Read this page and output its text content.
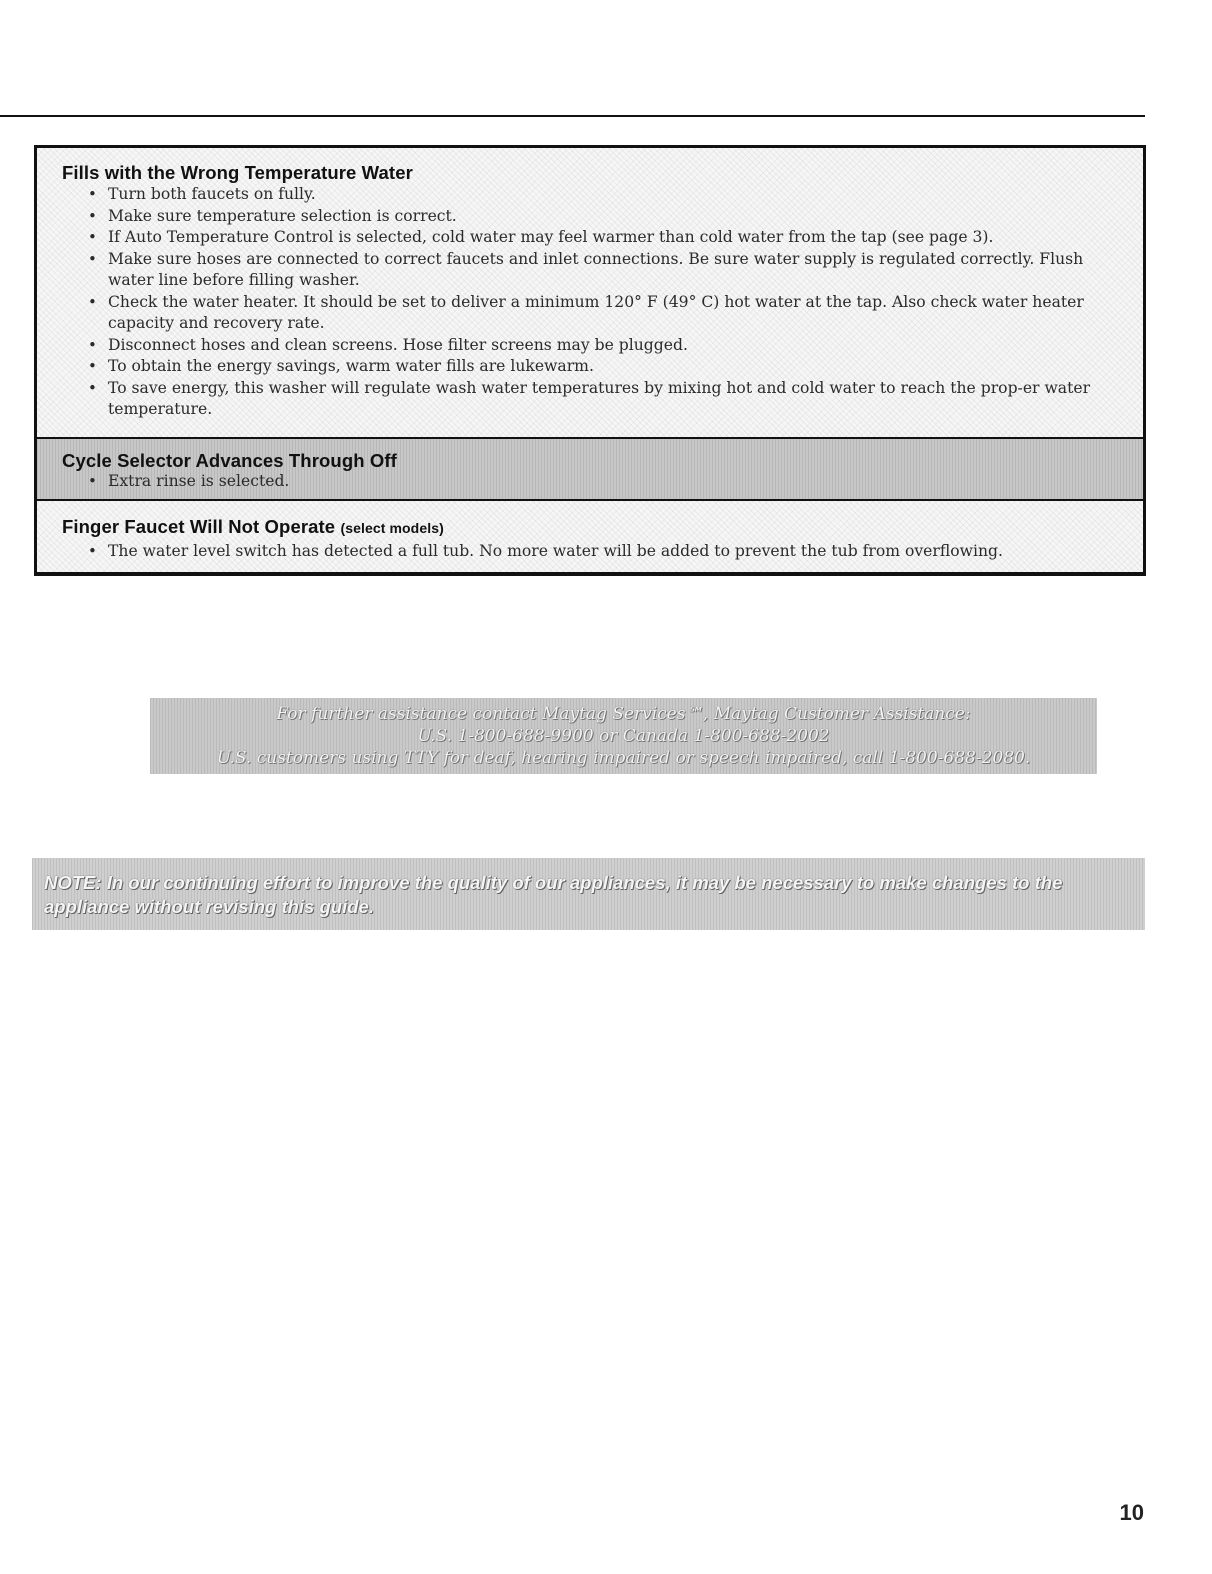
Fills with the Wrong Temperature Water
• Turn both faucets on fully.
• Make sure temperature selection is correct.
• If Auto Temperature Control is selected, cold water may feel warmer than cold water from the tap (see page 3).
• Make sure hoses are connected to correct faucets and inlet connections. Be sure water supply is regulated correctly. Flush water line before filling washer.
• Check the water heater. It should be set to deliver a minimum 120° F (49° C) hot water at the tap. Also check water heater capacity and recovery rate.
• Disconnect hoses and clean screens. Hose filter screens may be plugged.
• To obtain the energy savings, warm water fills are lukewarm.
• To save energy, this washer will regulate wash water temperatures by mixing hot and cold water to reach the prop-er water temperature.
Cycle Selector Advances Through Off
• Extra rinse is selected.
Finger Faucet Will Not Operate (select models)
• The water level switch has detected a full tub. No more water will be added to prevent the tub from overflowing.

For further assistance contact Maytag Services℠, Maytag Customer Assistance:

U.S. 1-800-688-9900 or Canada 1-800-688-2002

U.S. customers using TTY for deaf, hearing impaired or speech impaired, call 1-800-688-2080.

NOTE: In our continuing effort to improve the quality of our appliances, it may be necessary to make changes to the appliance without revising this guide.
10
